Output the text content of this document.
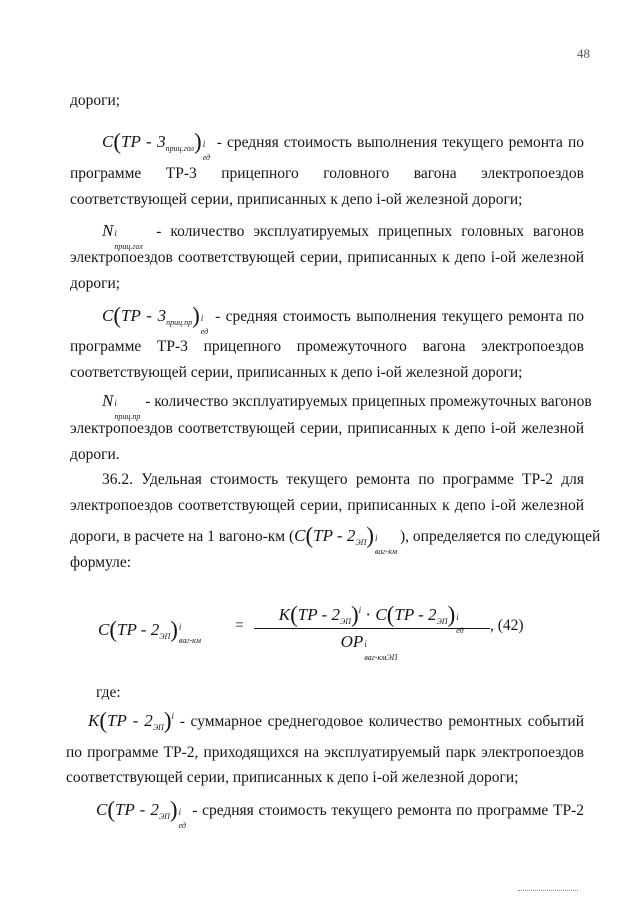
48
дороги;
$C(TP - 3_{приц.гол})$ i
ед
- средняя стоимость выполнения текущего ремонта по
программе ТР-3 прицепного головного вагона электропоездов
соответствующей серии, приписанных к депо i-ой железной дороги;
N i
приц.гол
- количество эксплуатируемых прицепных головных вагонов
электропоездов соответствующей серии, приписанных к депо i-ой железной
дороги;
$C(TP - 3_{приц.пр})$ i
ед
- средняя стоимость выполнения текущего ремонта по
программе ТР-3 прицепного промежуточного вагона электропоездов
соответствующей серии, приписанных к депо i-ой железной дороги;
N i
приц.пр
- количество эксплуатируемых прицепных промежуточных вагонов
электропоездов соответствующей серии, приписанных к депо i-ой железной
дороги.
36.2. Удельная стоимость текущего ремонта по программе ТР-2 для
электропоездов соответствующей серии, приписанных к депо i-ой железной
дороги, в расчете на 1 вагоно-км ($C(TP - 2_{ЭП})$ i
ваг-км
), определяется по следующей
формуле:
$C(TP - 2_{ЭП})$ i
ваг-км
=
$K(TP - 2_{ЭП})^i \cdot C(TP - 2_{ЭП})$ i
ед
OP i
ваг-кмЭП
, (42)
где:
$K(TP - 2_{ЭП})^i$ - суммарное среднегодовое количество ремонтных событий
по программе ТР-2, приходящихся на эксплуатируемый парк электропоездов
соответствующей серии, приписанных к депо i-ой железной дороги;
$C(TP - 2_{ЭП})$ i
ед
- средняя стоимость текущего ремонта по программе ТР-2
